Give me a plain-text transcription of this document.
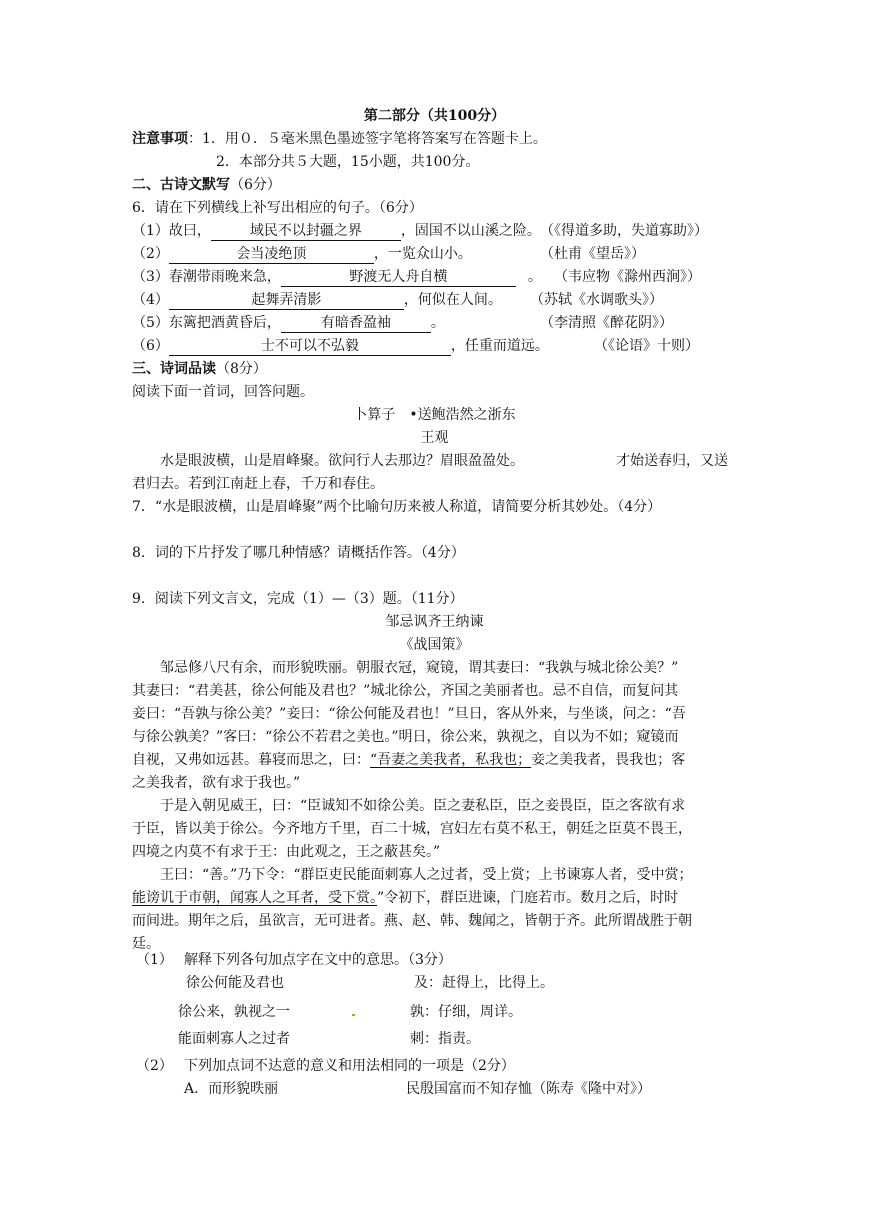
第二部分（共100分）
注意事项：1．用０．５毫米黑色墨迹签字笔将答案写在答题卡上。
2．本部分共５大题，15小题，共100分。
二、古诗文默写（6分）
6．请在下列横线上补写出相应的句子。（6分）
（1）故曰，	域民不以封疆之界	，固国不以山溪之险。 （《得道多助，失道寡助》）
（2）	会当凌绝顶	，一览众山小。	（杜甫《望岳》）
（3）春潮带雨晚来急，	野渡无人舟自横	。 （韦应物《滁州西涧》）
（4）	起舞弄清影	，何似在人间。 （苏轼《水调歌头》）
（5）东篱把酒黄昏后，	有暗香盈袖	。	（李清照《醉花阴》）
（6）	士不可以不弘毅	，任重而道远。	（《论语》十则）
三、诗词品读（8分）
阅读下面一首词，回答问题。
卜算子　•送鲍浩然之浙东
王观
水是眼波横，山是眉峰聚。欲问行人去那边？眉眼盈盈处。	才始送春归，又送
君归去。若到江南赶上春，千万和春住。
7．“水是眼波横，山是眉峰聚”两个比喻句历来被人称道，请简要分析其妙处。（4分）
8．词的下片抒发了哪几种情感？请概括作答。（4分）
9．阅读下列文言文，完成（1）—（3）题。（11分）
邹忌讽齐王纳谏
《战国策》
邹忌修八尺有余，而形貌昳丽。朝服衣冠，窥镜，谓其妻曰：“我孰与城北徐公美？”
其妻曰：“君美甚，徐公何能及君也？”城北徐公，齐国之美丽者也。忌不自信，而复问其
妾曰：“吾孰与徐公美？”妾曰：“徐公何能及君也！”旦日，客从外来，与坐谈，问之：“吾
与徐公孰美？”客曰：“徐公不若君之美也。”明日，徐公来，孰视之，自以为不如；窥镜而
自视，又弗如远甚。暮寝而思之，曰：“吾妻之美我者，私我也；妾之美我者，畏我也；客
之美我者，欲有求于我也。”
于是入朝见威王，曰：“臣诚知不如徐公美。臣之妻私臣，臣之妾畏臣，臣之客欲有求
于臣，皆以美于徐公。今齐地方千里，百二十城，宫妇左右莫不私王，朝廷之臣莫不畏王，
四境之内莫不有求于王：由此观之，王之蔽甚矣。”
王曰：“善。”乃下令：“群臣吏民能面刺寡人之过者，受上赏；上书谏寡人者，受中赏；
能谤讥于市朝，闻寡人之耳者，受下赏。”令初下，群臣进谏，门庭若市。数月之后，时时
而间进。期年之后，虽欲言，无可进者。燕、赵、韩、魏闻之，皆朝于齐。此所谓战胜于朝
廷。
（1） 解释下列各句加点字在文中的意思。（3分）
徐公何能及君也	及：赶得上，比得上。
徐公来，孰视之一	孰：仔细，周详。
能面刺寡人之过者	刺：指责。
（2） 下列加点词不达意的意义和用法相同的一项是（2分）
A．而形貌昳丽	民殷国富而不知存恤（陈寿《隆中对》）
